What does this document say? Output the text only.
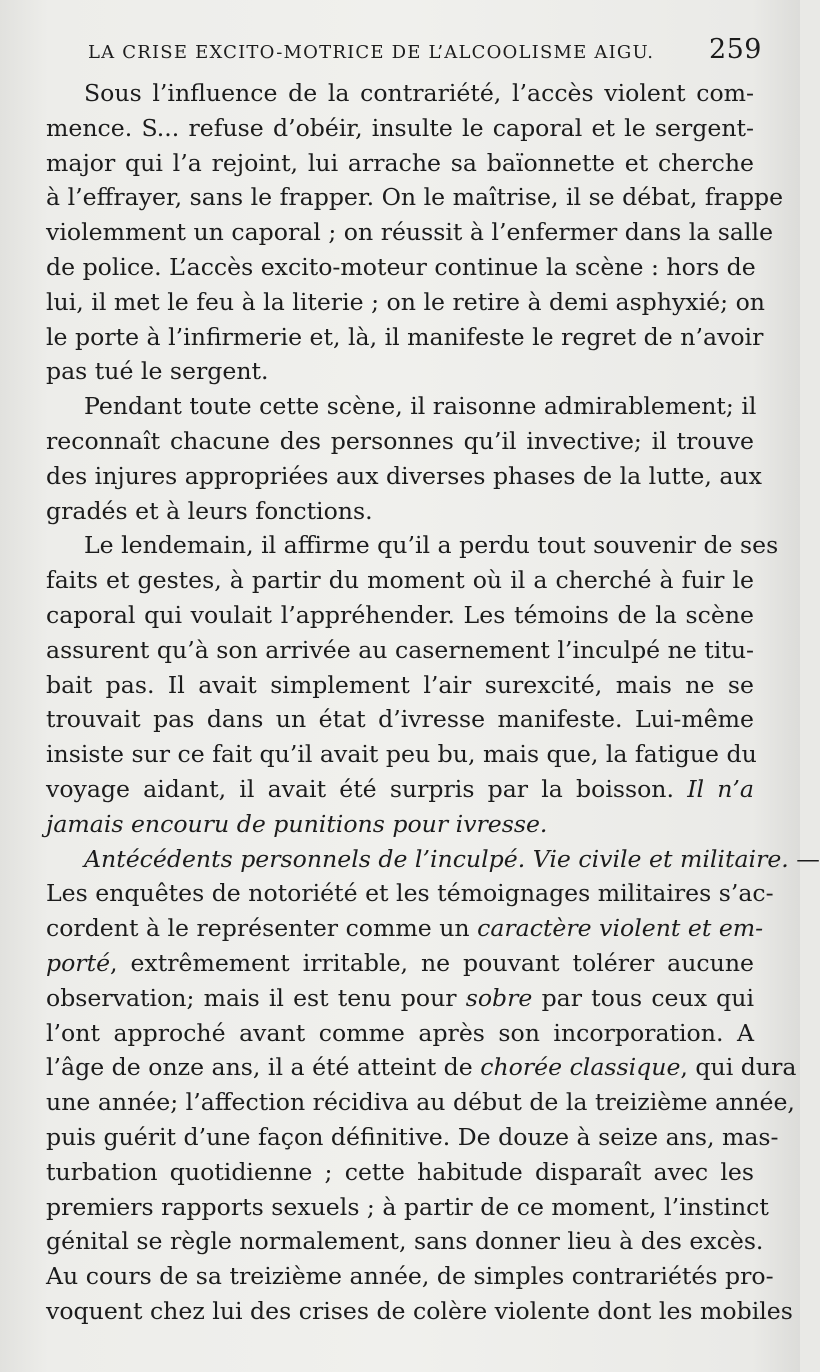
LA CRISE EXCITO-MOTRICE DE L’ALCOOLISME AIGU. 259
Sous l’influence de la contrariété, l’accès violent com-
mence. S... refuse d’obéir, insulte le caporal et le sergent-
major qui l’a rejoint, lui arrache sa baïonnette et cherche
à l’effrayer, sans le frapper. On le maîtrise, il se débat, frappe
violemment un caporal ; on réussit à l’enfermer dans la salle
de police. L’accès excito-moteur continue la scène : hors de
lui, il met le feu à la literie ; on le retire à demi asphyxié; on
le porte à l’infirmerie et, là, il manifeste le regret de n’avoir
pas tué le sergent.
Pendant toute cette scène, il raisonne admirablement; il
reconnaît chacune des personnes qu’il invective; il trouve
des injures appropriées aux diverses phases de la lutte, aux
gradés et à leurs fonctions.
Le lendemain, il affirme qu’il a perdu tout souvenir de ses
faits et gestes, à partir du moment où il a cherché à fuir le
caporal qui voulait l’appréhender. Les témoins de la scène
assurent qu’à son arrivée au casernement l’inculpé ne titu-
bait pas. Il avait simplement l’air surexcité, mais ne se
trouvait pas dans un état d’ivresse manifeste. Lui-même
insiste sur ce fait qu’il avait peu bu, mais que, la fatigue du
voyage aidant, il avait été surpris par la boisson. Il n’a
jamais encouru de punitions pour ivresse.
Antécédents personnels de l’inculpé. Vie civile et militaire. —
Les enquêtes de notoriété et les témoignages militaires s’ac-
cordent à le représenter comme un caractère violent et em-
porté, extrêmement irritable, ne pouvant tolérer aucune
observation; mais il est tenu pour sobre par tous ceux qui
l’ont approché avant comme après son incorporation. A
l’âge de onze ans, il a été atteint de chorée classique, qui dura
une année; l’affection récidiva au début de la treizième année,
puis guérit d’une façon définitive. De douze à seize ans, mas-
turbation quotidienne ; cette habitude disparaît avec les
premiers rapports sexuels ; à partir de ce moment, l’instinct
génital se règle normalement, sans donner lieu à des excès.
Au cours de sa treizième année, de simples contrariétés pro-
voquent chez lui des crises de colère violente dont les mobiles
